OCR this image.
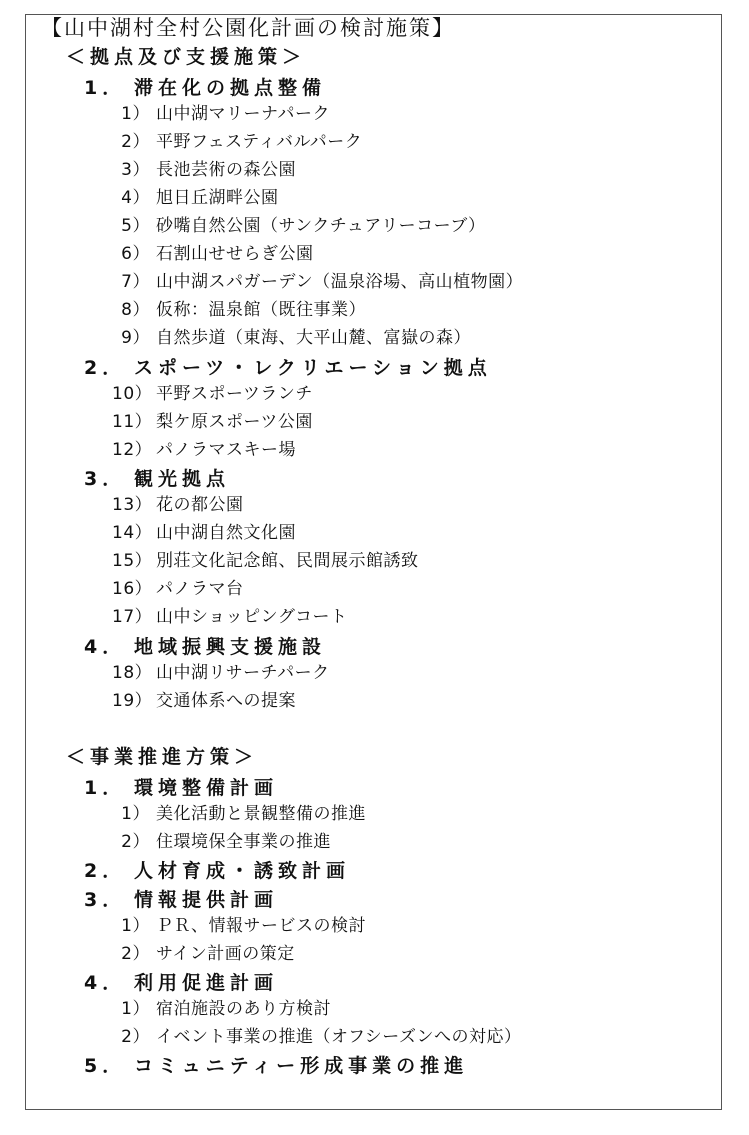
【山中湖村全村公園化計画の検討施策】
＜拠点及び支援施策＞
1． 滞在化の拠点整備
1） 山中湖マリーナパーク
2） 平野フェスティバルパーク
3） 長池芸術の森公園
4） 旭日丘湖畔公園
5） 砂嘴自然公園（サンクチュアリーコーブ）
6） 石割山せせらぎ公園
7） 山中湖スパガーデン（温泉浴場、高山植物園）
8） 仮称：温泉館（既往事業）
9） 自然歩道（東海、大平山麓、富嶽の森）
2． スポーツ・レクリエーション拠点
10） 平野スポーツランチ
11） 梨ケ原スポーツ公園
12） パノラマスキー場
3． 観光拠点
13） 花の都公園
14） 山中湖自然文化園
15） 別荘文化記念館、民間展示館誘致
16） パノラマ台
17） 山中ショッピングコート
4． 地域振興支援施設
18） 山中湖リサーチパーク
19） 交通体系への提案
＜事業推進方策＞
1． 環境整備計画
1） 美化活動と景観整備の推進
2） 住環境保全事業の推進
2． 人材育成・誘致計画
3． 情報提供計画
1） ＰＲ、情報サービスの検討
2） サイン計画の策定
4． 利用促進計画
1） 宿泊施設のあり方検討
2） イベント事業の推進（オフシーズンへの対応）
5． コミュニティー形成事業の推進
